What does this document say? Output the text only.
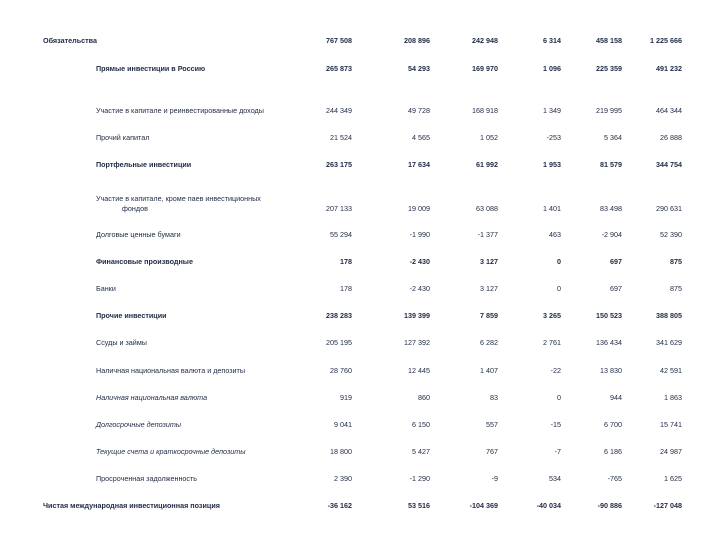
Обязательства	767 508	208 896	242 948	6 314	458 158	1 225 666
Прямые инвестиции в Россию	265 873	54 293	169 970	1 096	225 359	491 232
Участие в капитале и реинвестированные доходы	244 349	49 728	168 918	1 349	219 995	464 344
Прочий капитал	21 524	4 565	1 052	-253	5 364	26 888
Портфельные инвестиции	263 175	17 634	61 992	1 953	81 579	344 754
Участие в капитале, кроме паев инвестиционных
фондов	207 133	19 009	63 088	1 401	83 498	290 631
Долговые ценные бумаги	55 294	-1 990	-1 377	463	-2 904	52 390
Финансовые производные	178	-2 430	3 127	0	697	875
Банки	178	-2 430	3 127	0	697	875
Прочие инвестиции	238 283	139 399	7 859	3 265	150 523	388 805
Ссуды и займы	205 195	127 392	6 282	2 761	136 434	341 629
Наличная национальная валюта и депозиты	28 760	12 445	1 407	-22	13 830	42 591
Наличная национальная валюта	919	860	83	0	944	1 863
Долгосрочные депозиты	9 041	6 150	557	-15	6 700	15 741
Текущие счета и краткосрочные депозиты	18 800	5 427	767	-7	6 186	24 987
Просроченная задолженность	2 390	-1 290	-9	534	-765	1 625
Чистая международная инвестиционная позиция	-36 162	53 516	-104 369	-40 034	-90 886	-127 048
